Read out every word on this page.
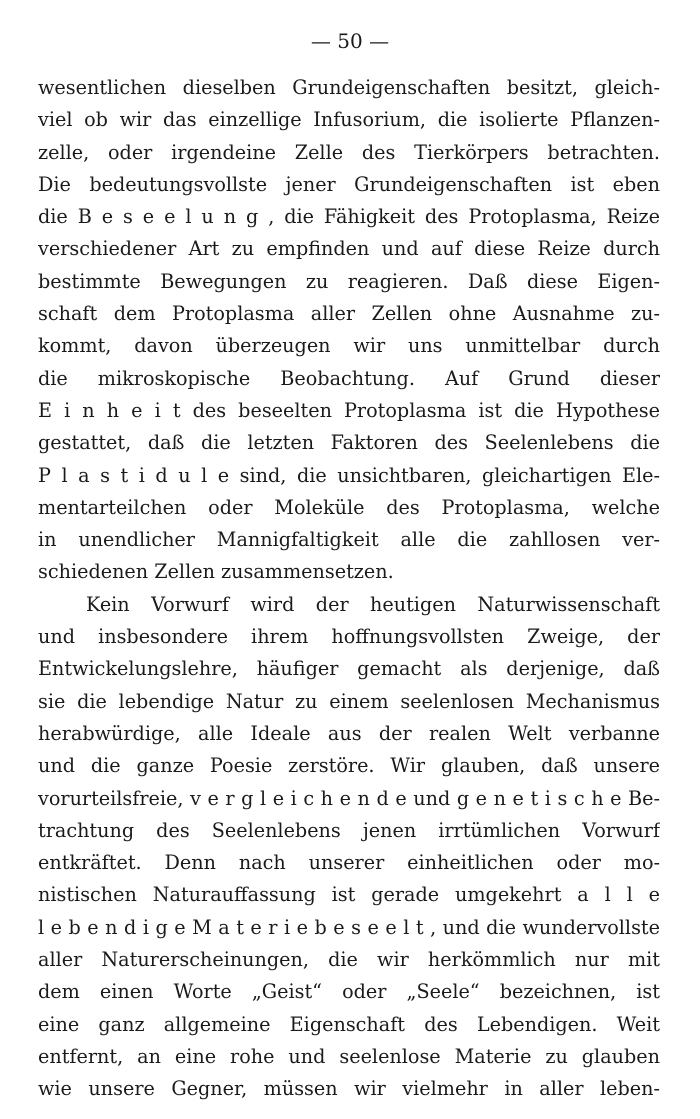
— 50 —
wesentlichen dieselben Grundeigenschaften besitzt, gleich-
viel ob wir das einzellige Infusorium, die isolierte Pflanzen-
zelle, oder irgendeine Zelle des Tierkörpers betrachten.
Die bedeutungsvollste jener Grundeigenschaften ist eben
die B e s e e l u n g , die Fähigkeit des Protoplasma, Reize
verschiedener Art zu empfinden und auf diese Reize durch
bestimmte Bewegungen zu reagieren. Daß diese Eigen-
schaft dem Protoplasma aller Zellen ohne Ausnahme zu-
kommt, davon überzeugen wir uns unmittelbar durch
die mikroskopische Beobachtung. Auf Grund dieser
E i n h e i t des beseelten Protoplasma ist die Hypothese
gestattet, daß die letzten Faktoren des Seelenlebens die
P l a s t i d u l e sind, die unsichtbaren, gleichartigen Ele-
mentarteilchen oder Moleküle des Protoplasma, welche
in unendlicher Mannigfaltigkeit alle die zahllosen ver-
schiedenen Zellen zusammensetzen.
Kein Vorwurf wird der heutigen Naturwissenschaft
und insbesondere ihrem hoffnungsvollsten Zweige, der
Entwickelungslehre, häufiger gemacht als derjenige, daß
sie die lebendige Natur zu einem seelenlosen Mechanismus
herabwürdige, alle Ideale aus der realen Welt verbanne
und die ganze Poesie zerstöre. Wir glauben, daß unsere
vorurteilsfreie, v e r g l e i c h e n d e und g e n e t i s c h e Be-
trachtung des Seelenlebens jenen irrtümlichen Vorwurf
entkräftet. Denn nach unserer einheitlichen oder mo-
nistischen Naturauffassung ist gerade umgekehrt a l l e
l e b e n d i g e M a t e r i e b e s e e l t , und die wundervollste
aller Naturerscheinungen, die wir herkömmlich nur mit
dem einen Worte „Geist“ oder „Seele“ bezeichnen, ist
eine ganz allgemeine Eigenschaft des Lebendigen. Weit
entfernt, an eine rohe und seelenlose Materie zu glauben
wie unsere Gegner, müssen wir vielmehr in aller leben-
